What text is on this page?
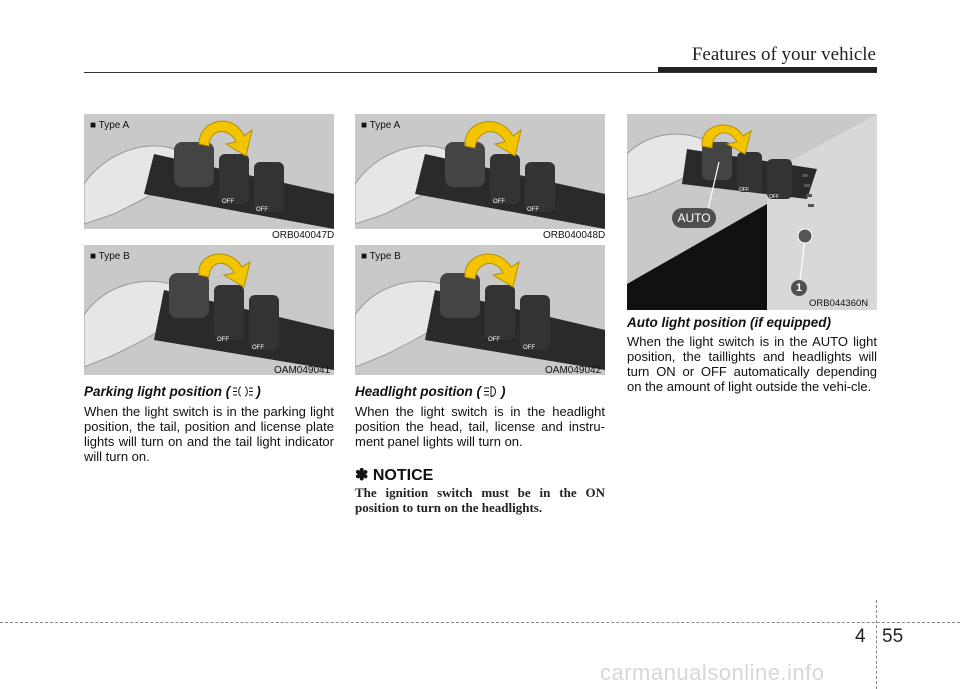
Features of your vehicle
OFF
OFF
■ Type A
ORB040047D
OFF
OFF
■ Type B
OAM049041
OFF
OFF
■ Type A
ORB040048D
OFF
OFF
■ Type B
OAM049042
OFF
OFF
AUTO
1
ORB044360N
Parking light position ( )
When the light switch is in the parking light position, the tail, position and license plate lights will turn on and the tail light indicator will turn on.
Headlight position ( )
When the light switch is in the headlight position the head, tail, license and instru-ment panel lights will turn on.
✽ NOTICE
The ignition switch must be in the ON position to turn on the headlights.
Auto light position (if equipped)
When the light switch is in the AUTO light position, the taillights and headlights will turn ON or OFF automatically depending on the amount of light outside the vehi-cle.
4 55
carmanualsonline.info
